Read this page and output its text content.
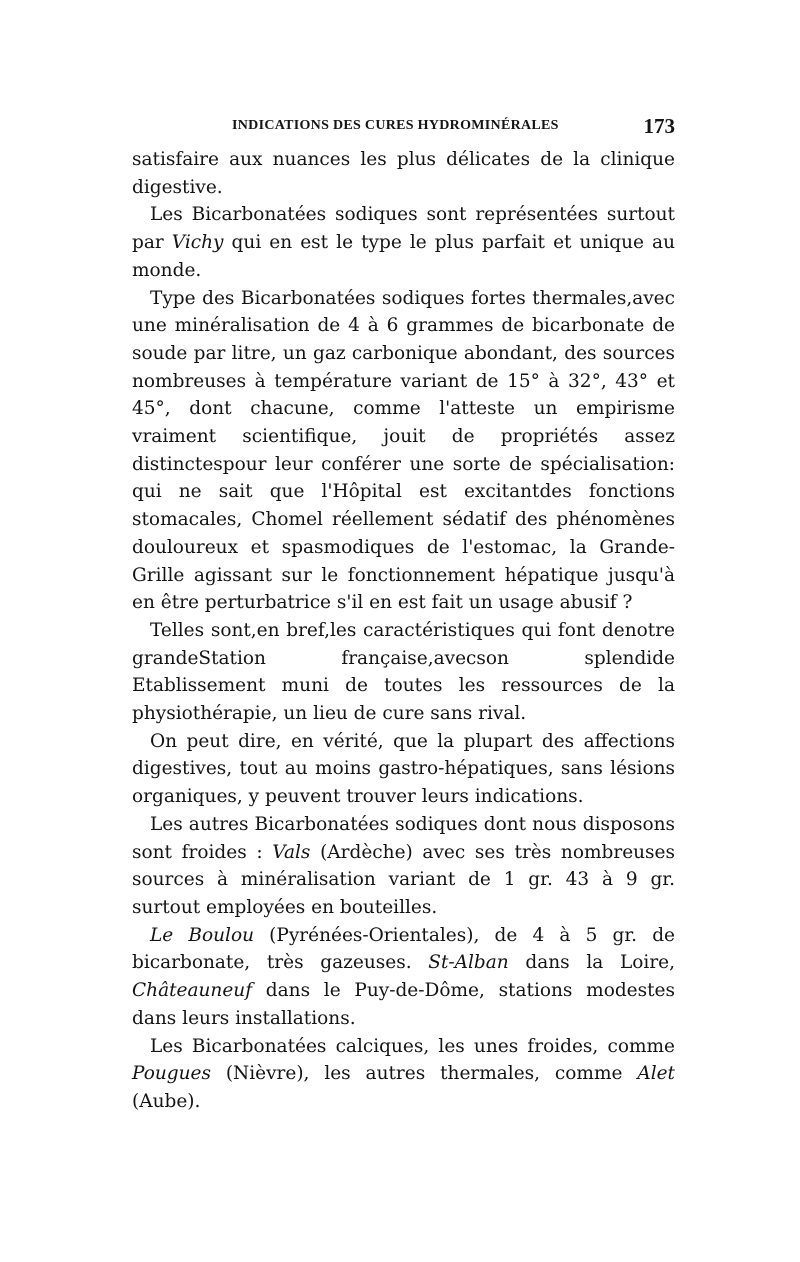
INDICATIONS DES CURES HYDROMINÉRALES	173

satisfaire aux nuances les plus délicates de la clinique digestive.

Les Bicarbonatées sodiques sont représentées surtout par Vichy qui en est le type le plus parfait et unique au monde.

Type des Bicarbonatées sodiques fortes thermales,avec une minéralisation de 4 à 6 grammes de bicarbonate de soude par litre, un gaz carbonique abondant, des sources nombreuses à température variant de 15° à 32°, 43° et 45°, dont chacune, comme l'atteste un empirisme vraiment scientifique, jouit de propriétés assez distinctespour leur conférer une sorte de spécialisation: qui ne sait que l'Hôpital est excitantdes fonctions stomacales, Chomel réellement sédatif des phénomènes douloureux et spasmodiques de l'estomac, la Grande-Grille agissant sur le fonctionnement hépatique jusqu'à en être perturbatrice s'il en est fait un usage abusif ?

Telles sont,en bref,les caractéristiques qui font denotre grandeStation française,avecson splendide Etablissement muni de toutes les ressources de la physiothérapie, un lieu de cure sans rival.

On peut dire, en vérité, que la plupart des affections digestives, tout au moins gastro-hépatiques, sans lésions organiques, y peuvent trouver leurs indications.

Les autres Bicarbonatées sodiques dont nous disposons sont froides : Vals (Ardèche) avec ses très nombreuses sources à minéralisation variant de 1 gr. 43 à 9 gr. surtout employées en bouteilles.

Le Boulou (Pyrénées-Orientales), de 4 à 5 gr. de bicarbonate, très gazeuses. St-Alban dans la Loire, Châteauneuf dans le Puy-de-Dôme, stations modestes dans leurs installations.

Les Bicarbonatées calciques, les unes froides, comme Pougues (Nièvre), les autres thermales, comme Alet (Aube).
